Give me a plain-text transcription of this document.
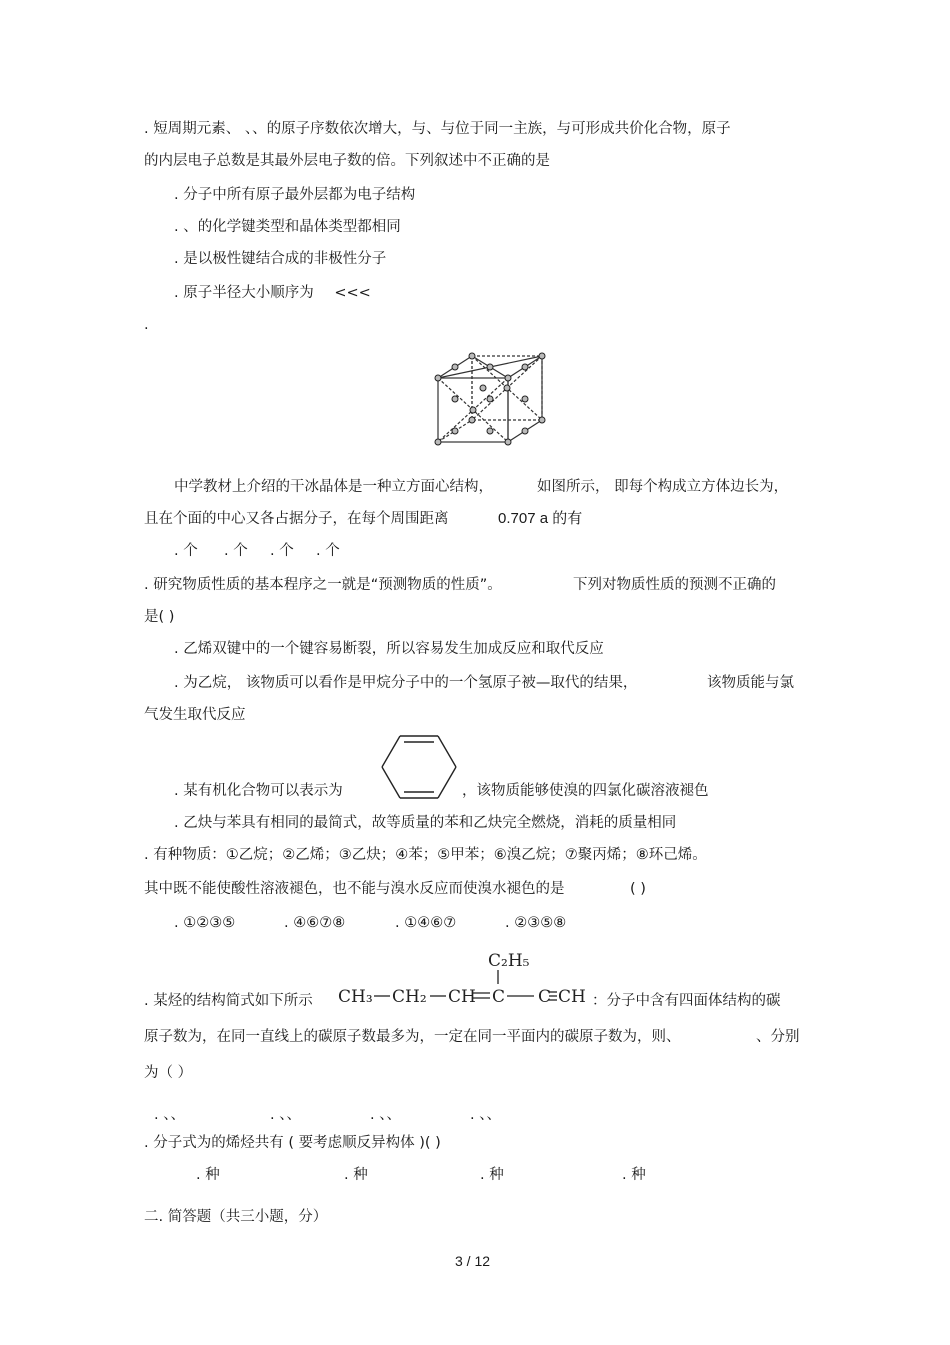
. 短周期元素、 、、的原子序数依次增大，与、与位于同一主族，与可形成共价化合物，原子
的内层电子总数是其最外层电子数的倍。下列叙述中不正确的是
. 分子中所有原子最外层都为电子结构
. 、的化学键类型和晶体类型都相同
. 是以极性键结合成的非极性分子
. 原子半径大小顺序为 <<<
.
中学教材上介绍的干冰晶体是一种立方面心结构，	如图所示， 即每个构成立方体边长为，
且在个面的中心又各占据分子，在每个周围距离	0.707 a 的有
. 个 . 个 . 个 . 个
. 研究物质性质的基本程序之一就是“预测物质的性质”。	下列对物质性质的预测不正确的
是( )
. 乙烯双键中的一个键容易断裂，所以容易发生加成反应和取代反应
. 为乙烷， 该物质可以看作是甲烷分子中的一个氢原子被—取代的结果，	该物质能与氯
气发生取代反应
. 某有机化合物可以表示为	，该物质能够使溴的四氯化碳溶液褪色
. 乙炔与苯具有相同的最简式，故等质量的苯和乙炔完全燃烧，消耗的质量相同
. 有种物质：①乙烷；②乙烯；③乙炔；④苯；⑤甲苯；⑥溴乙烷；⑦聚丙烯；⑧环己烯。
其中既不能使酸性溶液褪色，也不能与溴水反应而使溴水褪色的是	( )
. ①②③⑤	. ④⑥⑦⑧	. ①④⑥⑦	. ②③⑤⑧
. 某烃的结构简式如下所示 CH₃ CH₂ CH C C CH
C₂H₅
：分子中含有四面体结构的碳
原子数为，在同一直线上的碳原子数最多为，一定在同一平面内的碳原子数为，则、	、分别
为（ ）
. 、、	. 、、	. 、、	. 、、
. 分子式为的烯烃共有 ( 要考虑顺反异构体 )( )
. 种	. 种	. 种	. 种
二. 简答题（共三小题，分）
3 / 12
